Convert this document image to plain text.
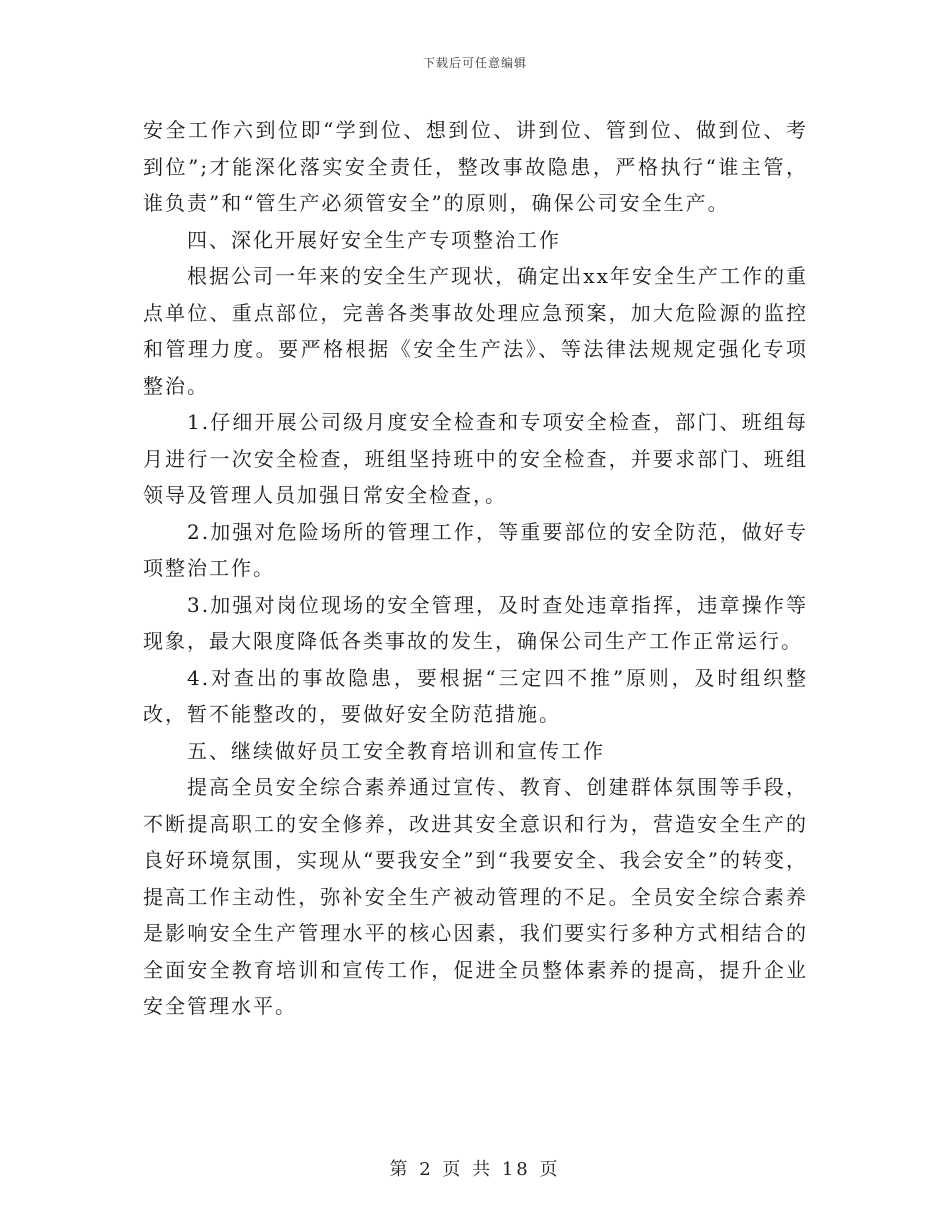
下载后可任意编辑

安全工作六到位即“学到位、想到位、讲到位、管到位、做到位、考到位”;才能深化落实安全责任，整改事故隐患，严格执行“谁主管，谁负责”和“管生产必须管安全”的原则，确保公司安全生产。

四、深化开展好安全生产专项整治工作

根据公司一年来的安全生产现状，确定出xx年安全生产工作的重点单位、重点部位，完善各类事故处理应急预案，加大危险源的监控和管理力度。要严格根据《安全生产法》、等法律法规规定强化专项整治。

1.仔细开展公司级月度安全检查和专项安全检查，部门、班组每月进行一次安全检查，班组坚持班中的安全检查，并要求部门、班组领导及管理人员加强日常安全检查，。

2.加强对危险场所的管理工作，等重要部位的安全防范，做好专项整治工作。

3.加强对岗位现场的安全管理，及时查处违章指挥，违章操作等现象，最大限度降低各类事故的发生，确保公司生产工作正常运行。

4.对查出的事故隐患，要根据“三定四不推”原则，及时组织整改，暂不能整改的，要做好安全防范措施。

五、继续做好员工安全教育培训和宣传工作

提高全员安全综合素养通过宣传、教育、创建群体氛围等手段，不断提高职工的安全修养，改进其安全意识和行为，营造安全生产的良好环境氛围，实现从“要我安全”到“我要安全、我会安全”的转变，提高工作主动性，弥补安全生产被动管理的不足。全员安全综合素养是影响安全生产管理水平的核心因素，我们要实行多种方式相结合的全面安全教育培训和宣传工作，促进全员整体素养的提高，提升企业安全管理水平。

第 2 页 共 18 页
